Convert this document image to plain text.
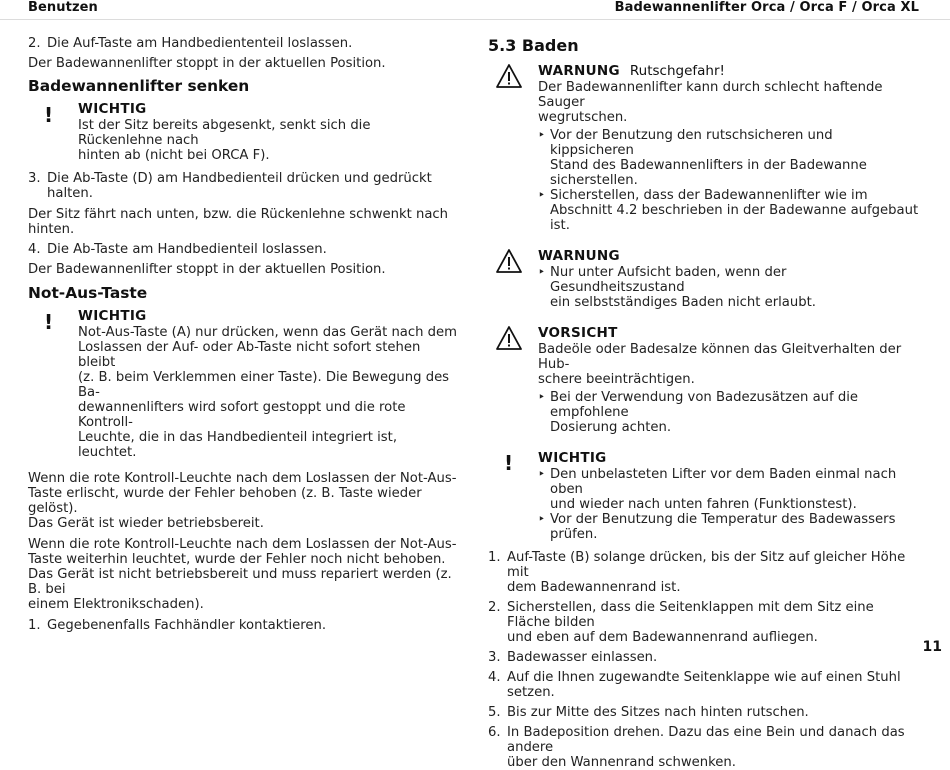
Benutzen	Badewannenlifter Orca / Orca F / Orca XL
2. Die Auf-Taste am Handbediententeil loslassen.

Der Badewannenlifter stoppt in der aktuellen Position.

Badewannenlifter senken
! WICHTIG
Ist der Sitz bereits abgesenkt, senkt sich die Rückenlehne nach
hinten ab (nicht bei ORCA F).
3. Die Ab-Taste (D) am Handbedienteil drücken und gedrückt halten.

Der Sitz fährt nach unten, bzw. die Rückenlehne schwenkt nach hinten.

4. Die Ab-Taste am Handbedienteil loslassen.

Der Badewannenlifter stoppt in der aktuellen Position.

Not-Aus-Taste
! WICHTIG
Not-Aus-Taste (A) nur drücken, wenn das Gerät nach dem
Loslassen der Auf- oder Ab-Taste nicht sofort stehen bleibt
(z. B. beim Verklemmen einer Taste). Die Bewegung des Ba-
dewannenlifters wird sofort gestoppt und die rote Kontroll-
Leuchte, die in das Handbedienteil integriert ist, leuchtet.
Wenn die rote Kontroll-Leuchte nach dem Loslassen der Not-Aus-
Taste erlischt, wurde der Fehler behoben (z. B. Taste wieder gelöst).
Das Gerät ist wieder betriebsbereit.
Wenn die rote Kontroll-Leuchte nach dem Loslassen der Not-Aus-
Taste weiterhin leuchtet, wurde der Fehler noch nicht behoben.
Das Gerät ist nicht betriebsbereit und muss repariert werden (z. B. bei
einem Elektronikschaden).
1. Gegebenenfalls Fachhändler kontaktieren.
5.3 Baden
WARNUNG Rutschgefahr!
Der Badewannenlifter kann durch schlecht haftende Sauger
wegrutschen.
‣ Vor der Benutzung den rutschsicheren und kippsicheren
Stand des Badewannenlifters in der Badewanne
sicherstellen.
‣ Sicherstellen, dass der Badewannenlifter wie im
Abschnitt 4.2 beschrieben in der Badewanne aufgebaut ist.
WARNUNG
‣ Nur unter Aufsicht baden, wenn der Gesundheitszustand
ein selbstständiges Baden nicht erlaubt.
VORSICHT
Badeöle oder Badesalze können das Gleitverhalten der Hub-
schere beeinträchtigen.
‣ Bei der Verwendung von Badezusätzen auf die empfohlene
Dosierung achten.
! WICHTIG
‣ Den unbelasteten Lifter vor dem Baden einmal nach oben
und wieder nach unten fahren (Funktionstest).
‣ Vor der Benutzung die Temperatur des Badewassers prüfen.
1. Auf-Taste (B) solange drücken, bis der Sitz auf gleicher Höhe mit
dem Badewannenrand ist.
2. Sicherstellen, dass die Seitenklappen mit dem Sitz eine Fläche bilden
und eben auf dem Badewannenrand aufliegen.
3. Badewasser einlassen.
4. Auf die Ihnen zugewandte Seitenklappe wie auf einen Stuhl setzen.
5. Bis zur Mitte des Sitzes nach hinten rutschen.
6. In Badeposition drehen. Dazu das eine Bein und danach das andere
über den Wannenrand schwenken.
11
